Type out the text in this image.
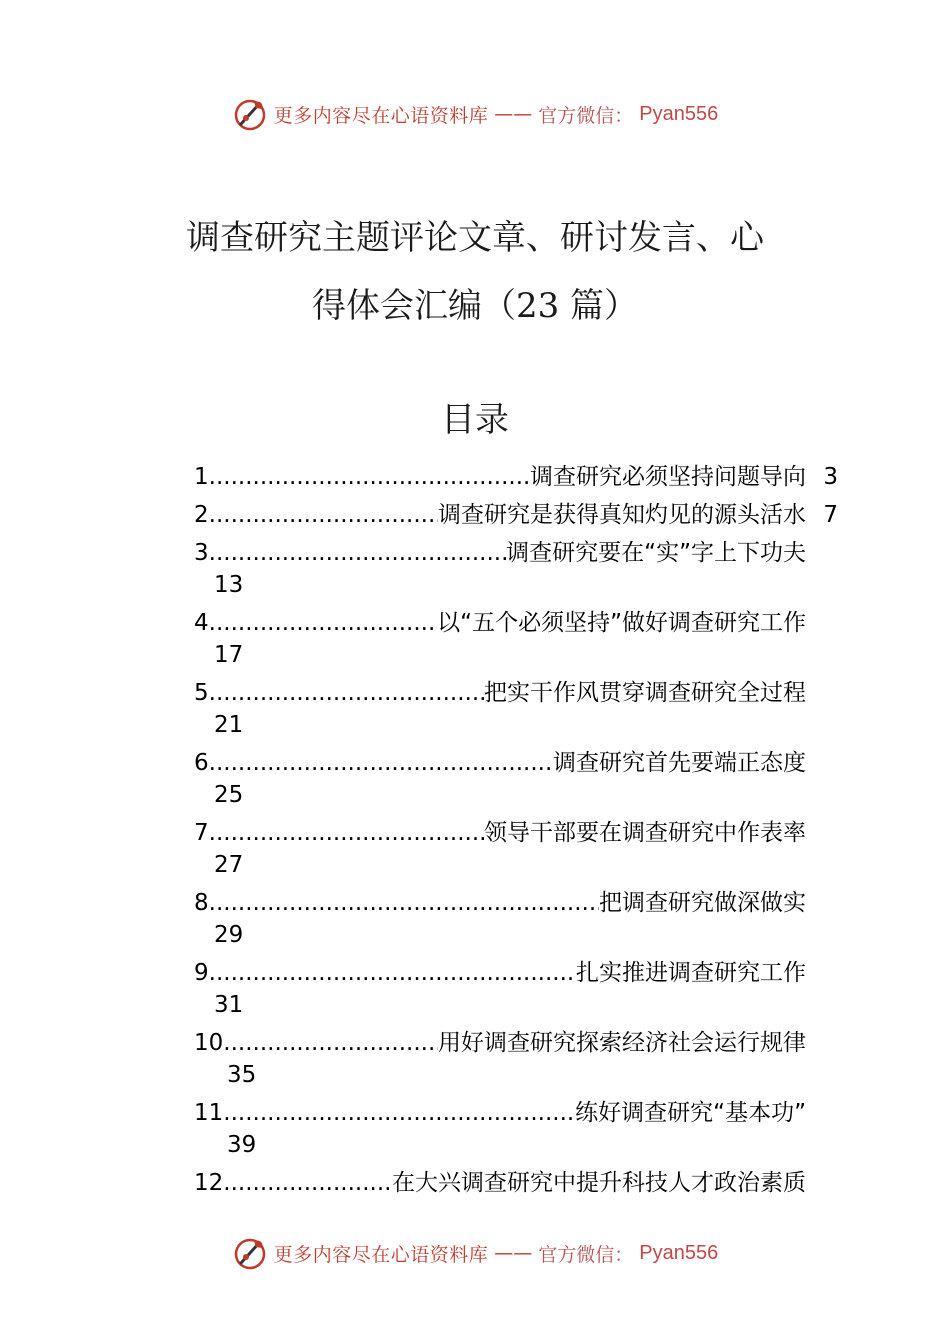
更多内容尽在心语资料库 —— 官方微信： Pyan556
调查研究主题评论文章、研讨发言、心
得体会汇编（23 篇）
目录
1 .....	调查研究必须坚持问题导向 3
2 .....	调查研究是获得真知灼见的源头活水 7
3 .....	调查研究要在“实”字上下功夫
13
4 .....	以“五个必须坚持”做好调查研究工作
17
5 .....	把实干作风贯穿调查研究全过程
21
6 .....	调查研究首先要端正态度
25
7 .....	领导干部要在调查研究中作表率
27
8 .....	把调查研究做深做实
29
9 .....	扎实推进调查研究工作
31
10 .....	用好调查研究探索经济社会运行规律
35
11 .....	练好调查研究“基本功”
39
12 .....	在大兴调查研究中提升科技人才政治素质
更多内容尽在心语资料库 —— 官方微信： Pyan556
